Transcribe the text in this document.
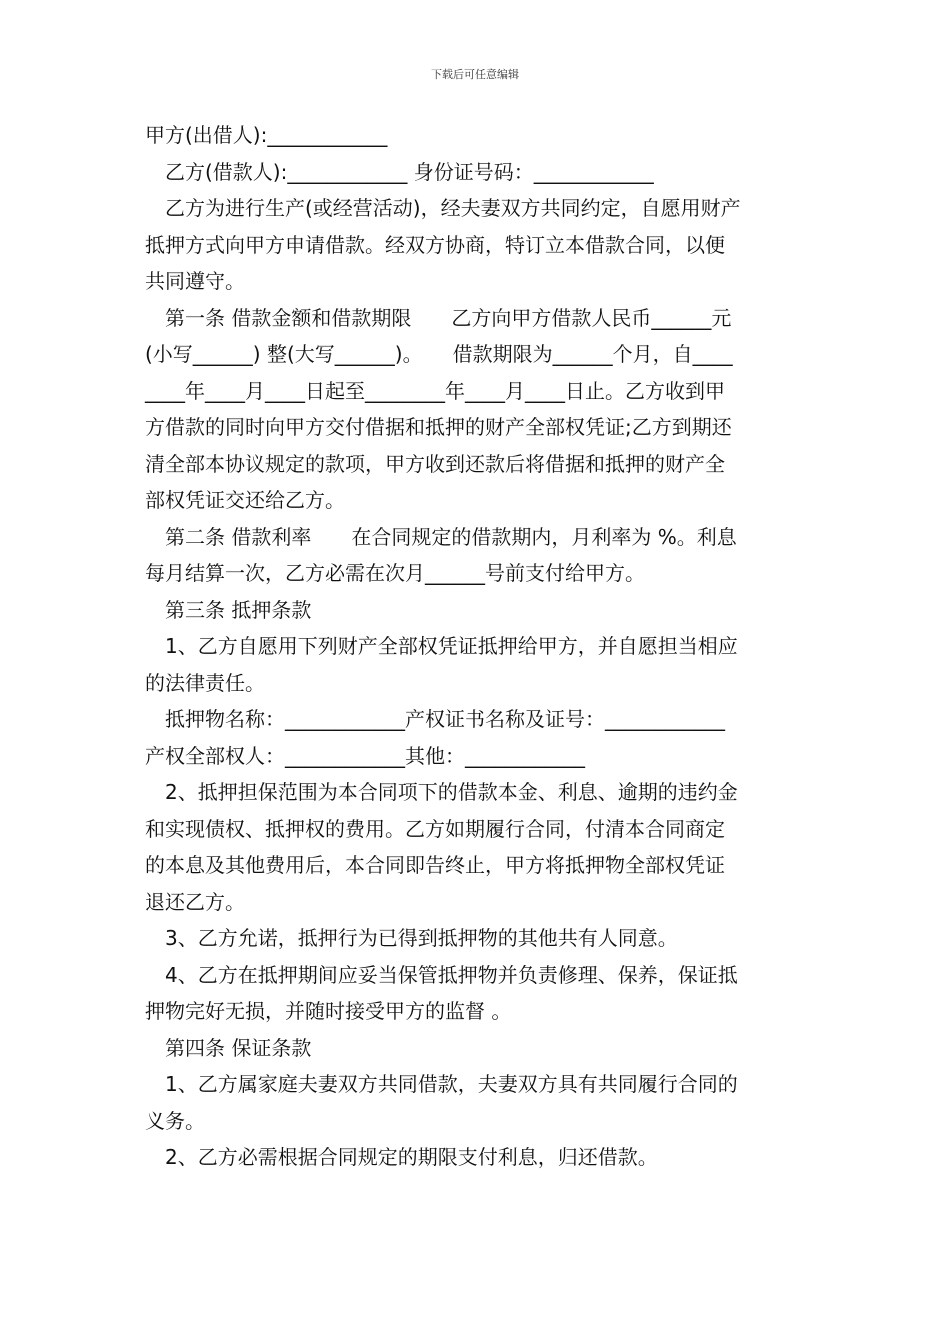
下载后可任意编辑
甲方(出借人):____________
乙方(借款人):____________ 身份证号码：____________
乙方为进行生产(或经营活动)，经夫妻双方共同约定，自愿用财产
抵押方式向甲方申请借款。经双方协商，特订立本借款合同，以便
共同遵守。
第一条 借款金额和借款期限　　乙方向甲方借款人民币______元
(小写______) 整(大写______)。　　借款期限为______个月，自____
____年____月____日起至________年____月____日止。乙方收到甲
方借款的同时向甲方交付借据和抵押的财产全部权凭证;乙方到期还
清全部本协议规定的款项，甲方收到还款后将借据和抵押的财产全
部权凭证交还给乙方。
第二条 借款利率　　在合同规定的借款期内，月利率为 %。利息
每月结算一次，乙方必需在次月______号前支付给甲方。
第三条 抵押条款
1、乙方自愿用下列财产全部权凭证抵押给甲方，并自愿担当相应
的法律责任。
抵押物名称：____________产权证书名称及证号：____________
产权全部权人：____________其他：____________
2、抵押担保范围为本合同项下的借款本金、利息、逾期的违约金
和实现债权、抵押权的费用。乙方如期履行合同，付清本合同商定
的本息及其他费用后，本合同即告终止，甲方将抵押物全部权凭证
退还乙方。
3、乙方允诺，抵押行为已得到抵押物的其他共有人同意。
4、乙方在抵押期间应妥当保管抵押物并负责修理、保养，保证抵
押物完好无损，并随时接受甲方的监督 。
第四条 保证条款
1、乙方属家庭夫妻双方共同借款，夫妻双方具有共同履行合同的
义务。
2、乙方必需根据合同规定的期限支付利息，归还借款。
